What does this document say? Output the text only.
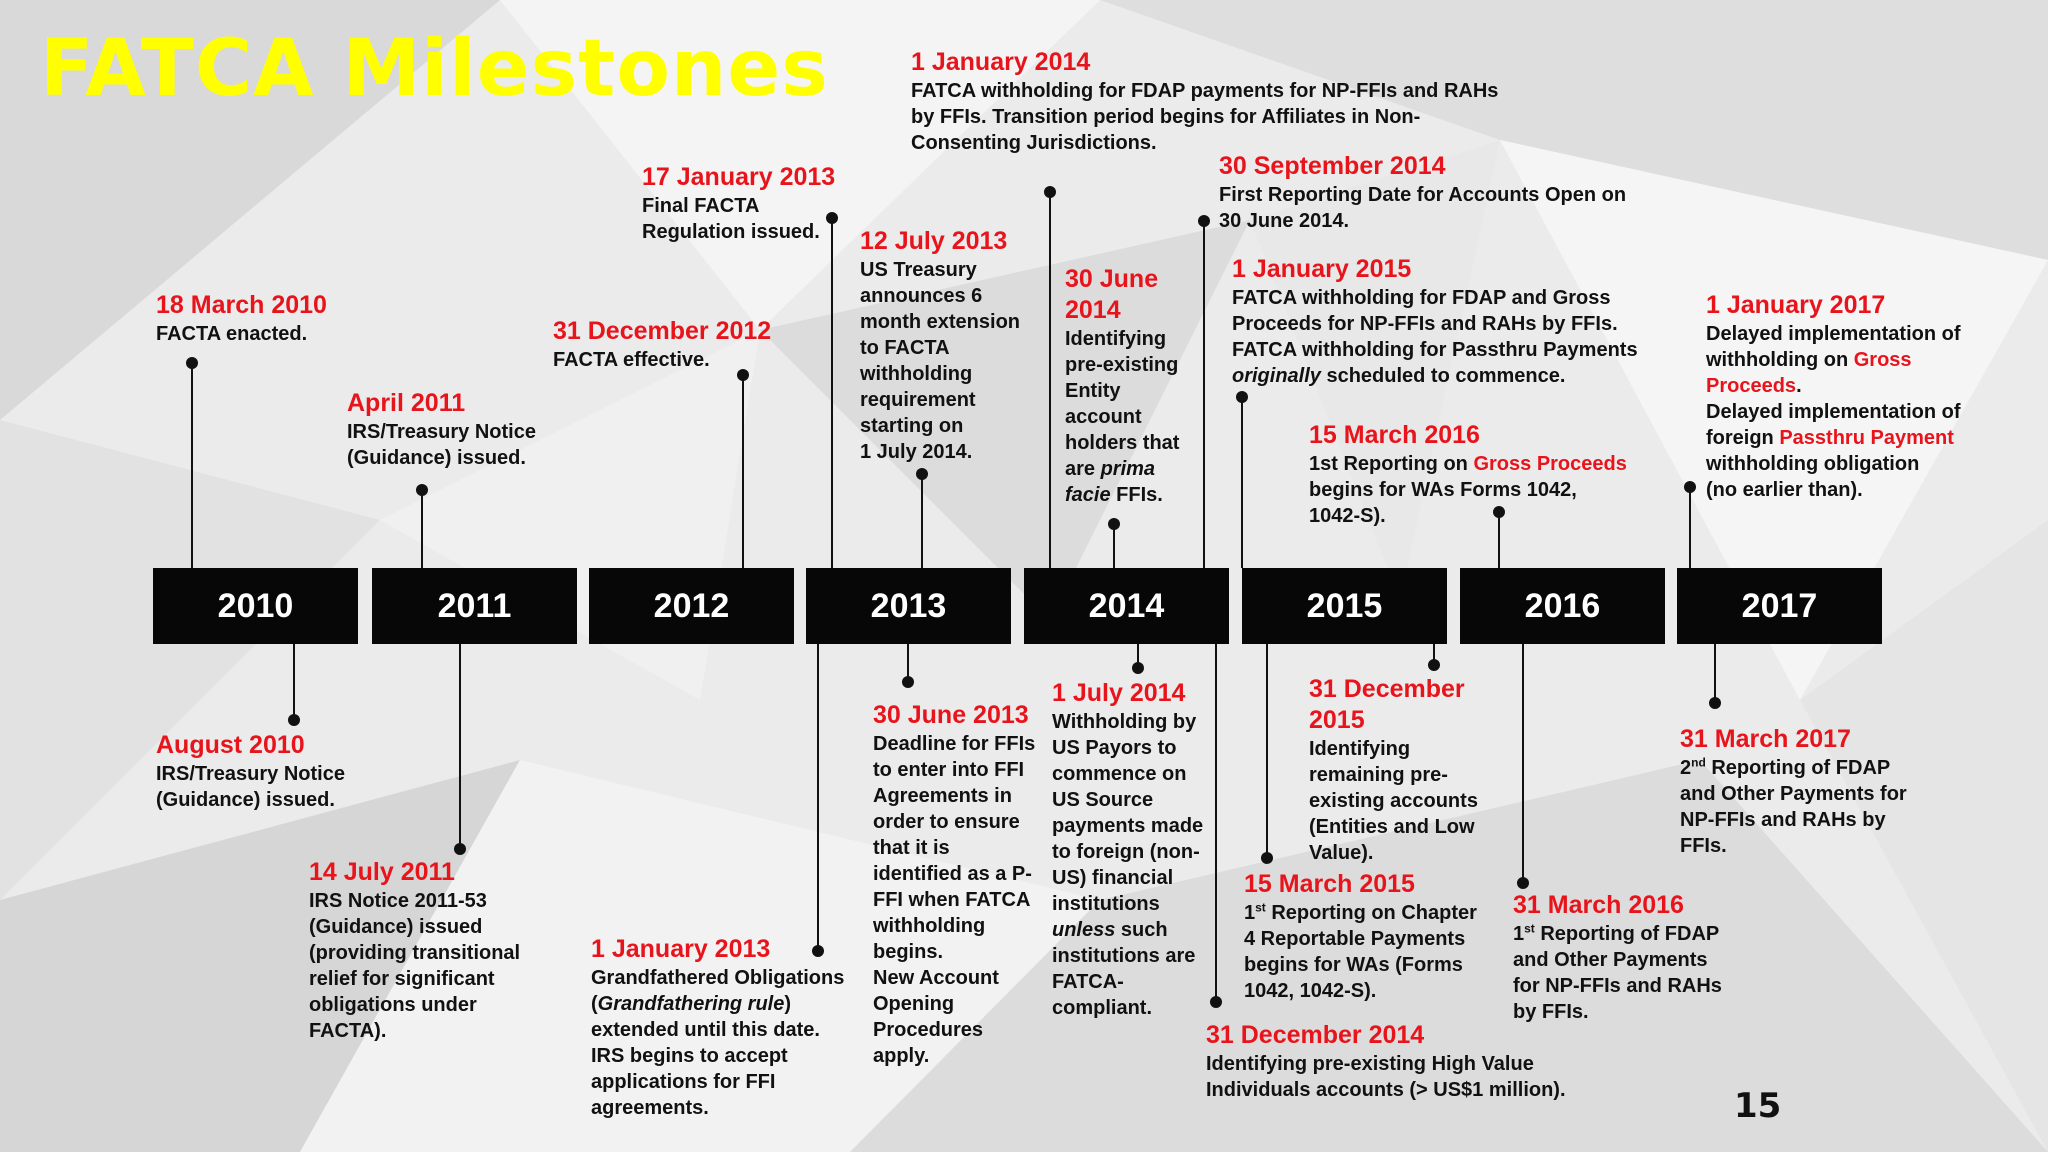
FATCA Milestones
2010	2011	2012	2013	2014	2015	2016	2017
18 March 2010
FACTA enacted.
April 2011
IRS/Treasury Notice
(Guidance) issued.
31 December 2012
FACTA effective.
17 January 2013
Final FACTA
Regulation issued.	12 July 2013
US Treasury
announces 6
month extension
to FACTA
withholding
requirement
starting on
1 July 2014.
1 January 2014
FATCA withholding for FDAP payments for NP-FFIs and RAHs
by FFIs. Transition period begins for Affiliates in Non-
Consenting Jurisdictions.
30 June
2014
Identifying
pre-existing
Entity
account
holders that
are prima
facie FFIs.
30 September 2014
First Reporting Date for Accounts Open on
30 June 2014.
1 January 2015
FATCA withholding for FDAP and Gross
Proceeds for NP-FFIs and RAHs by FFIs.
FATCA withholding for Passthru Payments
originally scheduled to commence.
15 March 2016
1st Reporting on Gross Proceeds
begins for WAs Forms 1042,
1042-S).
1 January 2017
Delayed implementation of
withholding on Gross
Proceeds.
Delayed implementation of
foreign Passthru Payment
withholding obligation
(no earlier than).
August 2010
IRS/Treasury Notice
(Guidance) issued.
14 July 2011
IRS Notice 2011-53
(Guidance) issued
(providing transitional
relief for significant
obligations under
FACTA).
1 January 2013
Grandfathered Obligations
(Grandfathering rule)
extended until this date.
IRS begins to accept
applications for FFI
agreements.
30 June 2013
Deadline for FFIs
to enter into FFI
Agreements in
order to ensure
that it is
identified as a P-
FFI when FATCA
withholding
begins.
New Account
Opening
Procedures
apply.
1 July 2014
Withholding by
US Payors to
commence on
US Source
payments made
to foreign (non-
US) financial
institutions
unless such
institutions are
FATCA-
compliant.
31 December
2015
Identifying
remaining pre-
existing accounts
(Entities and Low
Value).
15 March 2015
1st Reporting on Chapter
4 Reportable Payments
begins for WAs (Forms
1042, 1042-S).
31 December 2014
Identifying pre-existing High Value
Individuals accounts (> US$1 million).
31 March 2016
1st Reporting of FDAP
and Other Payments
for NP-FFIs and RAHs
by FFIs.
31 March 2017
2nd Reporting of FDAP
and Other Payments for
NP-FFIs and RAHs by
FFIs.
15
